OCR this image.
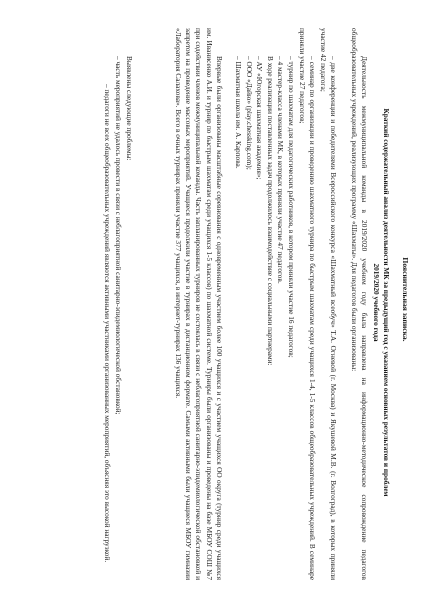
Пояснительная записка.
Краткий содержательный анализ деятельности МК за предыдущий год с указанием основных результатов и проблем
2019/2020 учебного года

Деятельность межмуниципальной команды в 2019/2020 учебном году была направлена на информационно-методическое сопровождение педагогов общеобразовательных учреждений, реализующих программу «Шахматы». Для педагогов были организованы:

– две конференции и победителями Всероссийского конкурса «Шахматный всеобуч» Т.А. Огневой (г. Москва) и Якушевой М.В. (г. Волгоград), в которых приняли участие 42 педагога;

– семинар по организации и проведению шахматного турнира по быстрым шахматам среди учащихся 1-4, 1-5 классов общеобразовательных учреждений. В семинаре приняли участие 27 педагогов;

– турнир по шахматам для педагогических работников, в котором приняли участие 16 педагогов;

– 4 мастер-класса членами МК, в которых приняли участие 47 педагогов.

В ходе реализации поставленных задач продолжилось взаимодействие с социальными партнерами:

– АУ «Югорская шахматная академия»;

– ООО «Дайю» (play.chessking.com);

– Шахматная школа им. А. Карпова.

Впервые были организованы масштабные соревнования с одновременным участием более 100 учащихся и с участием учащихся ОО округа (турнир среди учащихся им. Иванисенко А.И. и турнир по быстрым шахматам среди учащихся 1-5 классов) по шахматной системе. Турниры были организованы и проведены на базе МБОУ СОШ №7 при содействии членов межмуниципальной команды. Часть запланированных турниров не состоялась в связи с неблагоприятной санитарно-эпидемиологической обстановкой и запретом на проведение массовых мероприятий. Учащиеся продолжили участие в турнирах в дистанционном формате. Самыми активными были учащиеся МБОУ гимназии «Лаборатория Салахова». Всего в очных турнирах приняли участие 377 учащихся, в интернет-турнирах 136 учащихся.

Выявлены следующие проблемы:

– часть мероприятий не удалось провести в связи с неблагоприятной санитарно-эпидемиологической обстановкой;

– педагоги не всех общеобразовательных учреждений являются активными участниками организованных мероприятий, объясняя это высокой нагрузкой.
